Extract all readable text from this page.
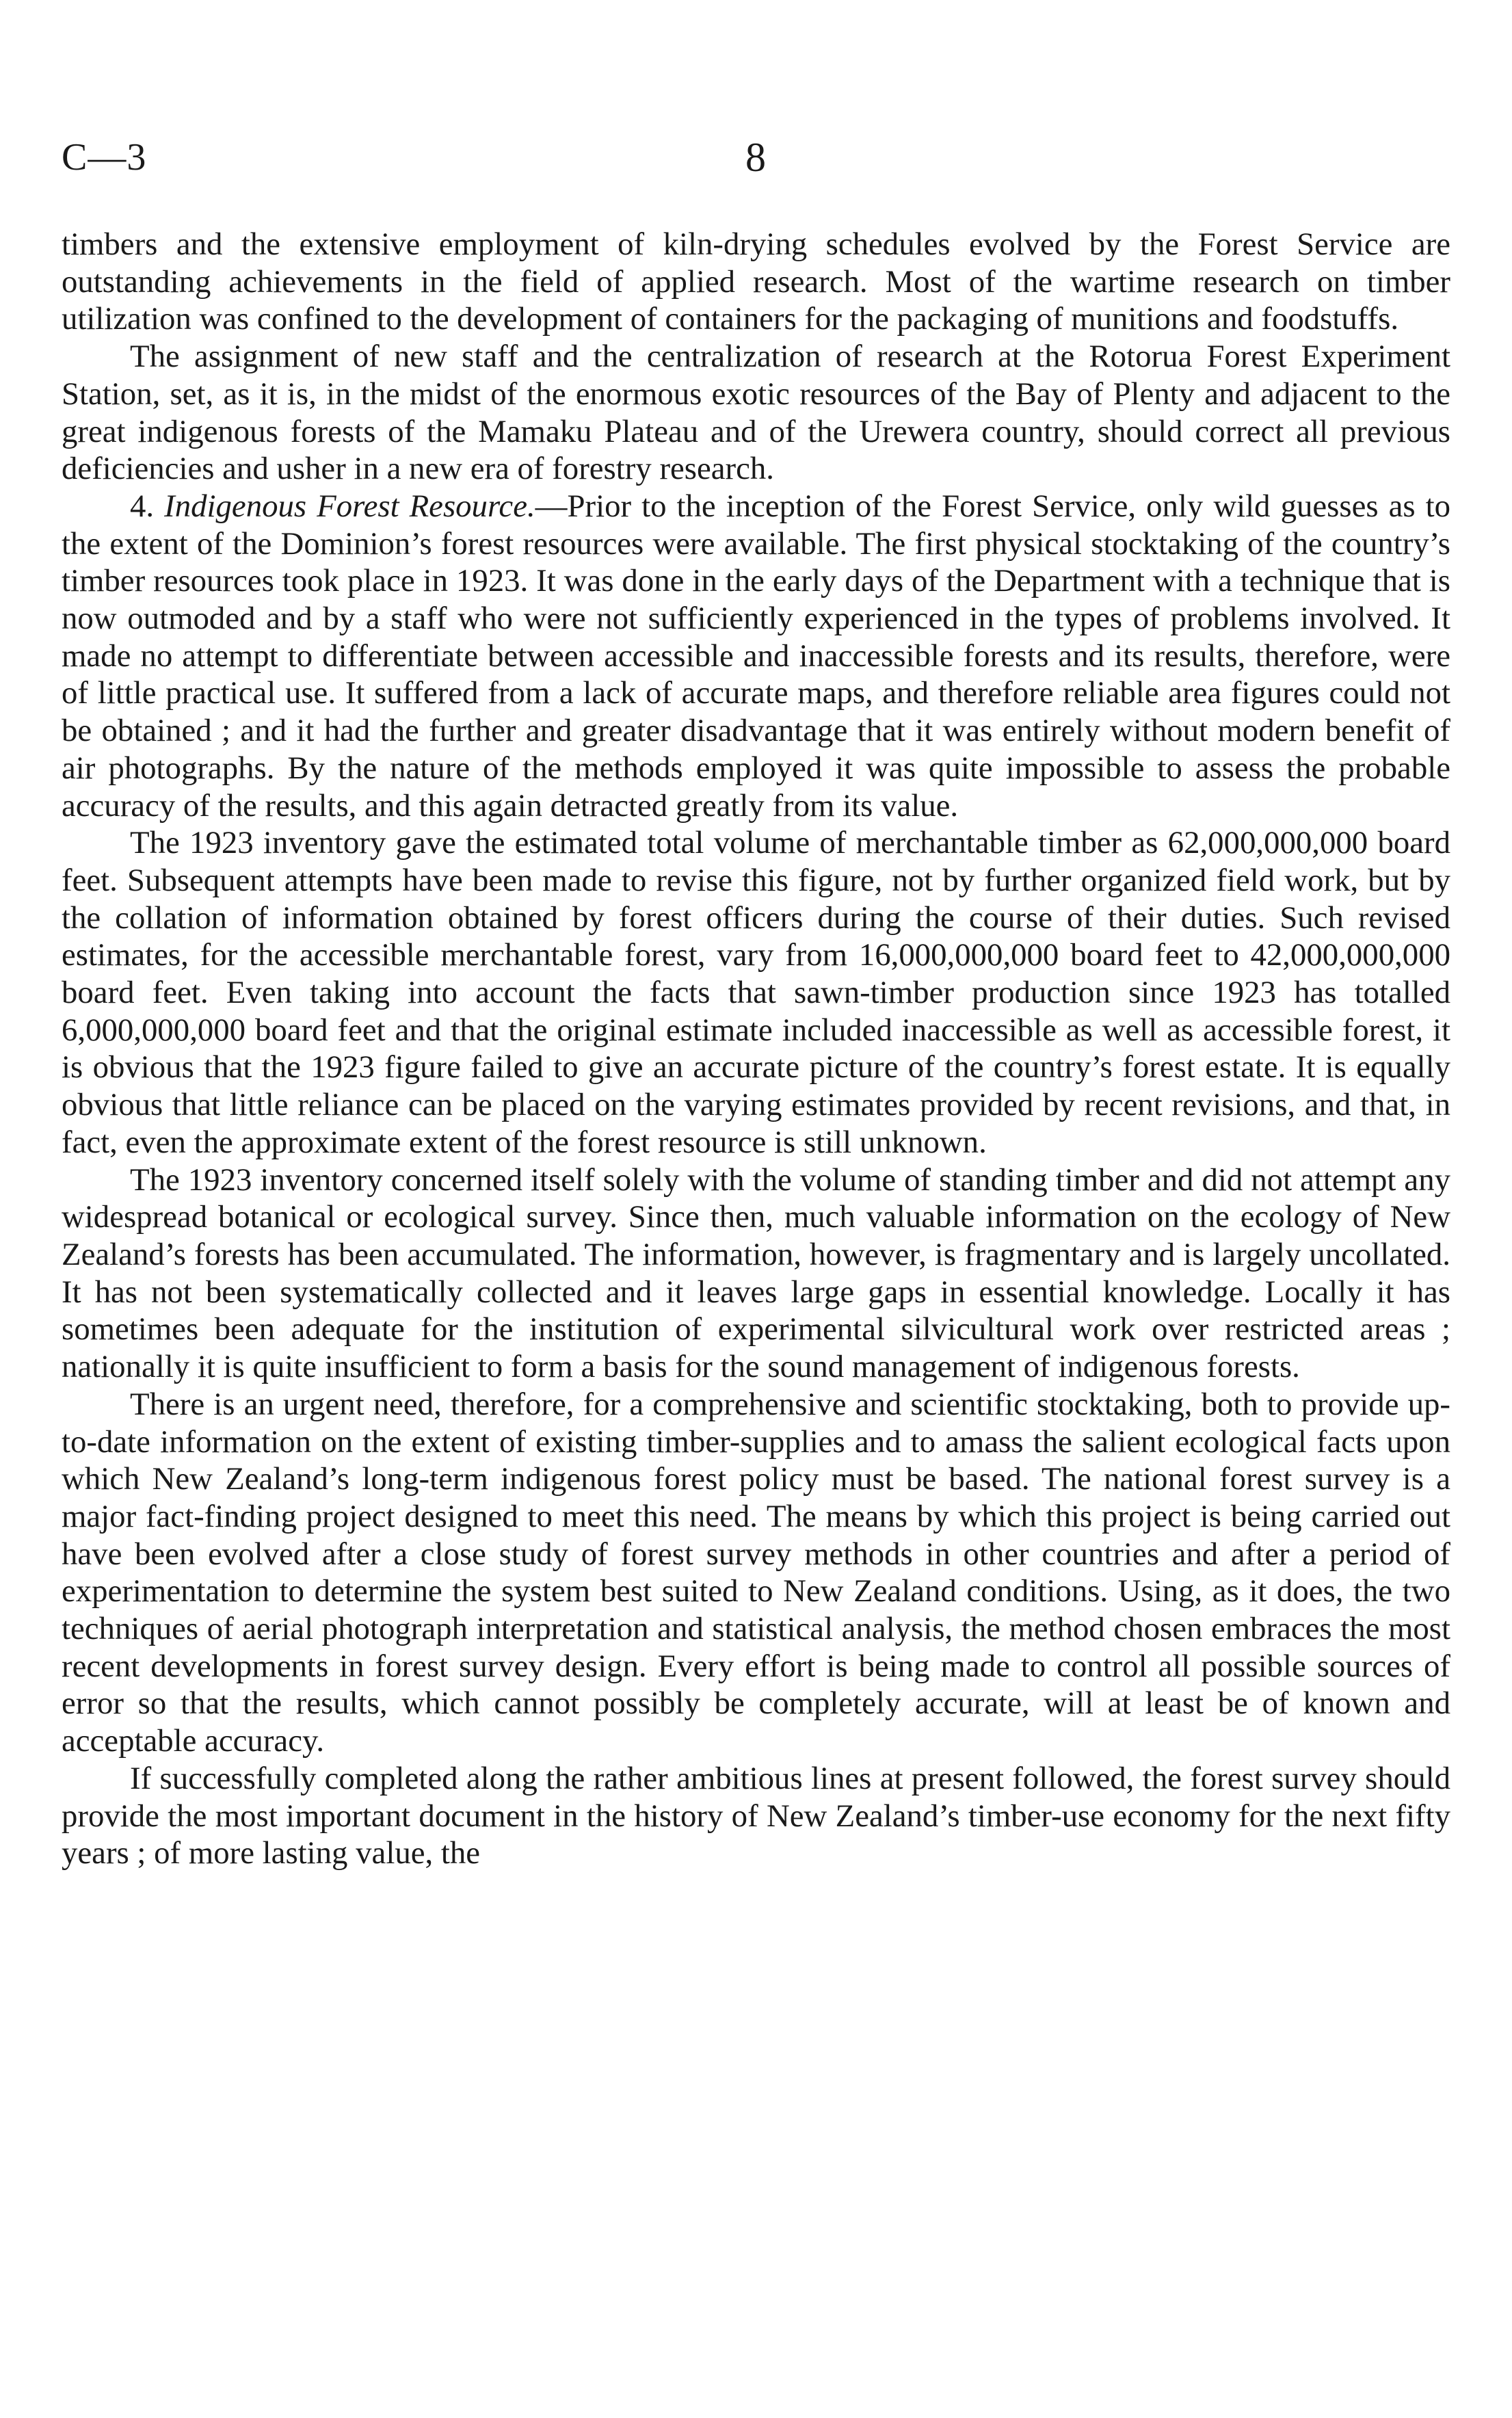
C—3	8

timbers and the extensive employment of kiln-drying schedules evolved by the Forest Service are outstanding achievements in the field of applied research. Most of the wartime research on timber utilization was confined to the development of containers for the packaging of munitions and foodstuffs.

The assignment of new staff and the centralization of research at the Rotorua Forest Experiment Station, set, as it is, in the midst of the enormous exotic resources of the Bay of Plenty and adjacent to the great indigenous forests of the Mamaku Plateau and of the Urewera country, should correct all previous deficiencies and usher in a new era of forestry research.

4. Indigenous Forest Resource.—Prior to the inception of the Forest Service, only wild guesses as to the extent of the Dominion’s forest resources were available. The first physical stocktaking of the country’s timber resources took place in 1923. It was done in the early days of the Department with a technique that is now outmoded and by a staff who were not sufficiently experienced in the types of problems involved. It made no attempt to differentiate between accessible and inaccessible forests and its results, therefore, were of little practical use. It suffered from a lack of accurate maps, and therefore reliable area figures could not be obtained ; and it had the further and greater disadvantage that it was entirely without modern benefit of air photographs. By the nature of the methods employed it was quite impossible to assess the probable accuracy of the results, and this again detracted greatly from its value.

The 1923 inventory gave the estimated total volume of merchantable timber as 62,000,000,000 board feet. Subsequent attempts have been made to revise this figure, not by further organized field work, but by the collation of information obtained by forest officers during the course of their duties. Such revised estimates, for the accessible merchantable forest, vary from 16,000,000,000 board feet to 42,000,000,000 board feet. Even taking into account the facts that sawn-timber production since 1923 has totalled 6,000,000,000 board feet and that the original estimate included inaccessible as well as accessible forest, it is obvious that the 1923 figure failed to give an accurate picture of the country’s forest estate. It is equally obvious that little reliance can be placed on the varying estimates provided by recent revisions, and that, in fact, even the approximate extent of the forest resource is still unknown.

The 1923 inventory concerned itself solely with the volume of standing timber and did not attempt any widespread botanical or ecological survey. Since then, much valuable information on the ecology of New Zealand’s forests has been accumulated. The information, however, is fragmentary and is largely uncollated. It has not been systematically collected and it leaves large gaps in essential knowledge. Locally it has sometimes been adequate for the institution of experimental silvicultural work over restricted areas ; nationally it is quite insufficient to form a basis for the sound management of indigenous forests.

There is an urgent need, therefore, for a comprehensive and scientific stocktaking, both to provide up-to-date information on the extent of existing timber-supplies and to amass the salient ecological facts upon which New Zealand’s long-term indigenous forest policy must be based. The national forest survey is a major fact-finding project designed to meet this need. The means by which this project is being carried out have been evolved after a close study of forest survey methods in other countries and after a period of experimentation to determine the system best suited to New Zealand conditions. Using, as it does, the two techniques of aerial photograph interpretation and statistical analysis, the method chosen embraces the most recent developments in forest survey design. Every effort is being made to control all possible sources of error so that the results, which cannot possibly be completely accurate, will at least be of known and acceptable accuracy.

If successfully completed along the rather ambitious lines at present followed, the forest survey should provide the most important document in the history of New Zealand’s timber-use economy for the next fifty years ; of more lasting value, the
